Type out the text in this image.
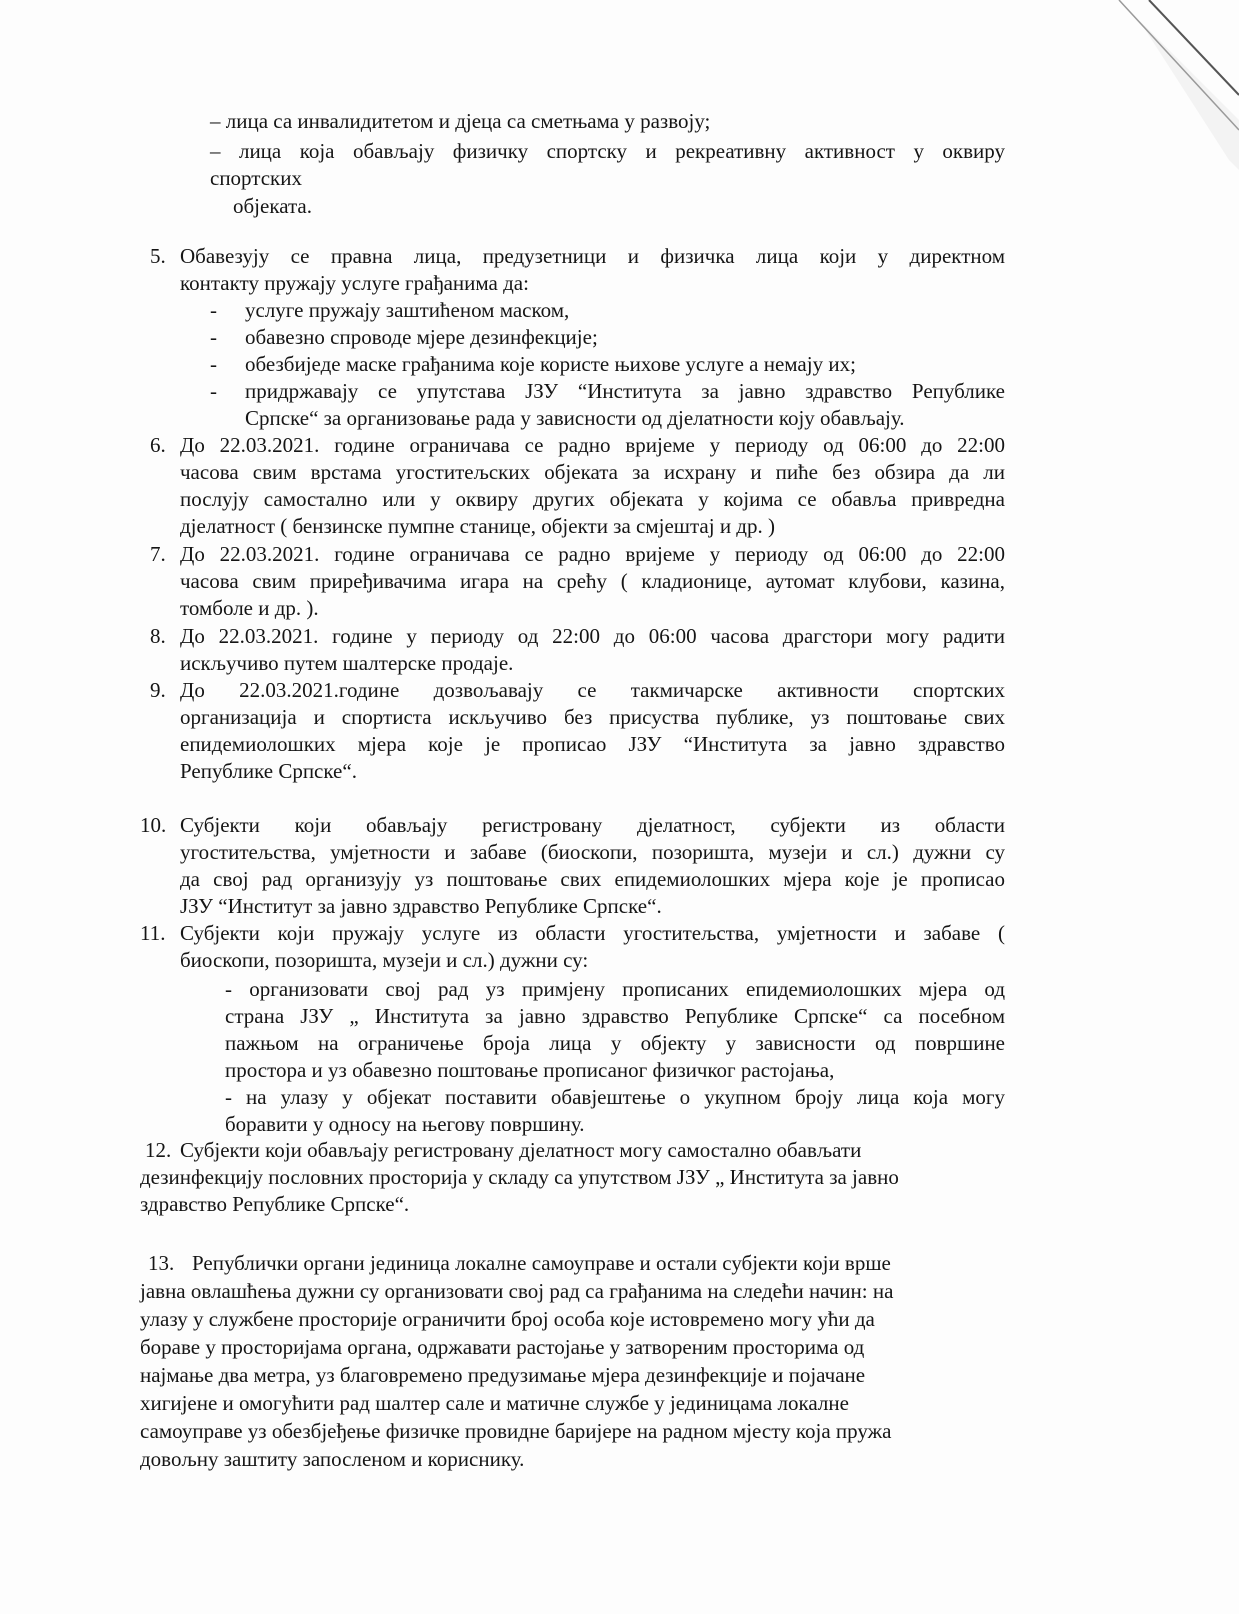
– лица са инвалидитетом и дјеца са сметњама у развоју;
– лица која обављају физичку спортску и рекреативну активност у оквиру
спортских
објеката.
5. Обавезују се правна лица, предузетници и физичка лица који у директном
контакту пружају услуге грађанима да:
- услуге пружају заштићеном маском,
- обавезно спроводе мјере дезинфекције;
- обезбиједе маске грађанима које користе њихове услуге а немају их;
- придржавају се упутстава ЈЗУ “Института за јавно здравство Републике
Српске“ за организовање рада у зависности од дјелатности коју обављају.
6. До 22.03.2021. године ограничава се радно вријеме у периоду од 06:00 до 22:00
часова свим врстама угоститељских објеката за исхрану и пиће без обзира да ли
послују самостално или у оквиру других објеката у којима се обавља привредна
дјелатност ( бензинске пумпне станице, објекти за смјештај и др. )
7. До 22.03.2021. године ограничава се радно вријеме у периоду од 06:00 до 22:00
часова свим приређивачима игара на срећу ( кладионице, аутомат клубови, казина,
томболе и др. ).
8. До 22.03.2021. године у периоду од 22:00 до 06:00 часова драгстори могу радити
искључиво путем шалтерске продаје.
9. До 22.03.2021.године дозвољавају се такмичарске активности спортских
организација и спортиста искључиво без присуства публике, уз поштовање свих
епидемиолошких мјера које је прописао ЈЗУ “Института за јавно здравство
Републике Српске“.
10. Субјекти који обављају регистровану дјелатност, субјекти из области
угоститељства, умјетности и забаве (биоскопи, позоришта, музеји и сл.) дужни су
да свој рад организују уз поштовање свих епидемиолошких мјера које је прописао
ЈЗУ “Институт за јавно здравство Републике Српске“.
11. Субјекти који пружају услуге из области угоститељства, умјетности и забаве (
биоскопи, позоришта, музеји и сл.) дужни су:
- организовати свој рад уз примјену прописаних епидемиолошких мјера од
страна ЈЗУ „ Института за јавно здравство Републике Српске“ са посебном
пажњом на ограничење броја лица у објекту у зависности од површине
простора и уз обавезно поштовање прописаног физичког растојања,
- на улазу у објекат поставити обавјештење о укупном броју лица која могу
боравити у односу на његову површину.
12. Субјекти који обављају регистровану дјелатност могу самостално обављати
дезинфекцију пословних просторија у складу са упутством ЈЗУ „ Института за јавно
здравство Републике Српске“.
13. Републички органи јединица локалне самоуправе и остали субјекти који врше
јавна овлашћења дужни су организовати свој рад са грађанима на следећи начин: на
улазу у службене просторије ограничити број особа које истовремено могу ући да
бораве у просторијама органа, одржавати растојање у затвореним просторима од
најмање два метра, уз благовремено предузимање мјера дезинфекције и појачане
хигијене и омогућити рад шалтер сале и матичне службе у јединицама локалне
самоуправе уз обезбјеђење физичке провидне баријере на радном мјесту која пружа
довољну заштиту запосленом и кориснику.
